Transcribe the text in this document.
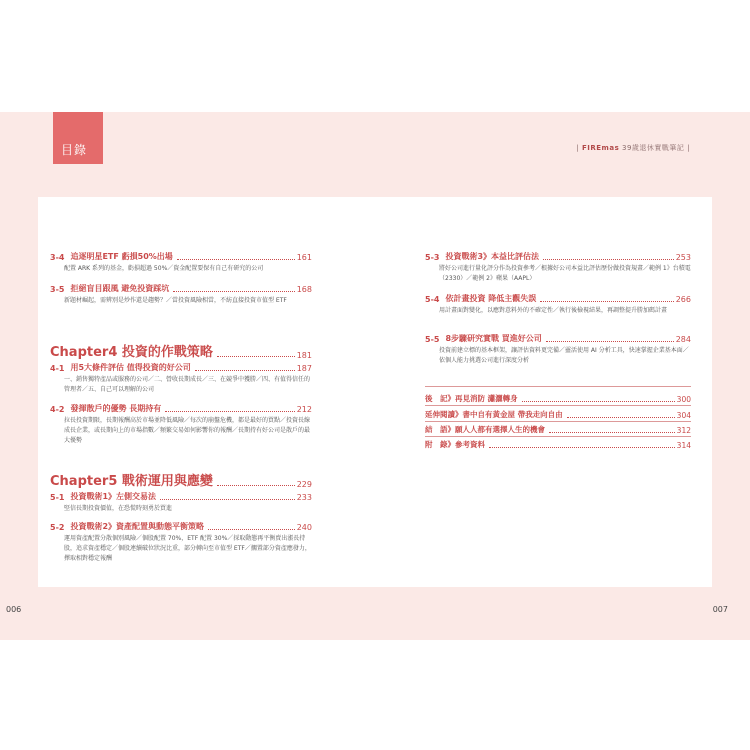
目錄	| FIREmas 39歲退休實戰筆記 |
006	007
3-4 追逐明星ETF 虧損50%出場	161
配置 ARK 系列的基金，虧損超過 50%／資金配置要保有自己有研究的公司
3-5 拒絕盲目跟風 避免投資踩坑	168
新題材崛起，需辨別是炒作還是趨勢？／當投資風險相當，不紡直接投資市值型 ETF
Chapter4 投資的作戰策略	181
4-1 用5大條件評估 值得投資的好公司	187
一、銷售獨特產品或服務的公司／二、營收長期成長／三、在競爭中獲勝／四、有值得信任的管理者／五、自己可以理解的公司
4-2 發揮散戶的優勢 長期持有	212
拉長投資期限，長期報酬高於市場並降低風險／每次的崩盤危機，都是最好的買點／投資長線成長企業，或長期向上的市場指數／頻繁交易如何影響你的報酬／長期持有好公司是散戶的最大優勢
Chapter5 戰術運用與應變	229
5-1 投資戰術1》左側交易法	233
堅信長期投資價值，在恐慌時刻勇於買進
5-2 投資戰術2》資產配置與動態平衡策略	240
運用資產配置分散個別風險／個股配置 70%，ETF 配置 30%／採取動態再平衡賣出漲長持股，追求資產穩定／個股連續破位狀況比重，部分轉向至市值型 ETF／擱置部分資產應發力，擇取相對穩定報酬
5-3 投資戰術3》本益比評估法	253
將好公司進行量化評分作為投資參考／根據好公司本益比評估歷份做投資規畫／範例 1》台積電（2330）／範例 2》蘋果（AAPL）
5-4 依計畫投資 降低主觀失誤	266
用計畫面對變化，以應對意料外的不確定性／執行後檢視結果，再調整提升勝加碼計畫
5-5 8步驟研究實戰 買進好公司	284
投資前建立標的基本框架，讓評估資料更完備／靈活使用 AI 分析工具，快速掌握企業基本面／依個人能力挑選公司進行深度分析
後　記 》再見消防 瀟灑轉身	300
延伸閱讀 》書中自有黃金屋 帶我走向自由	304
結　語 》願人人都有選擇人生的機會	312
附　錄 》參考資料	314
